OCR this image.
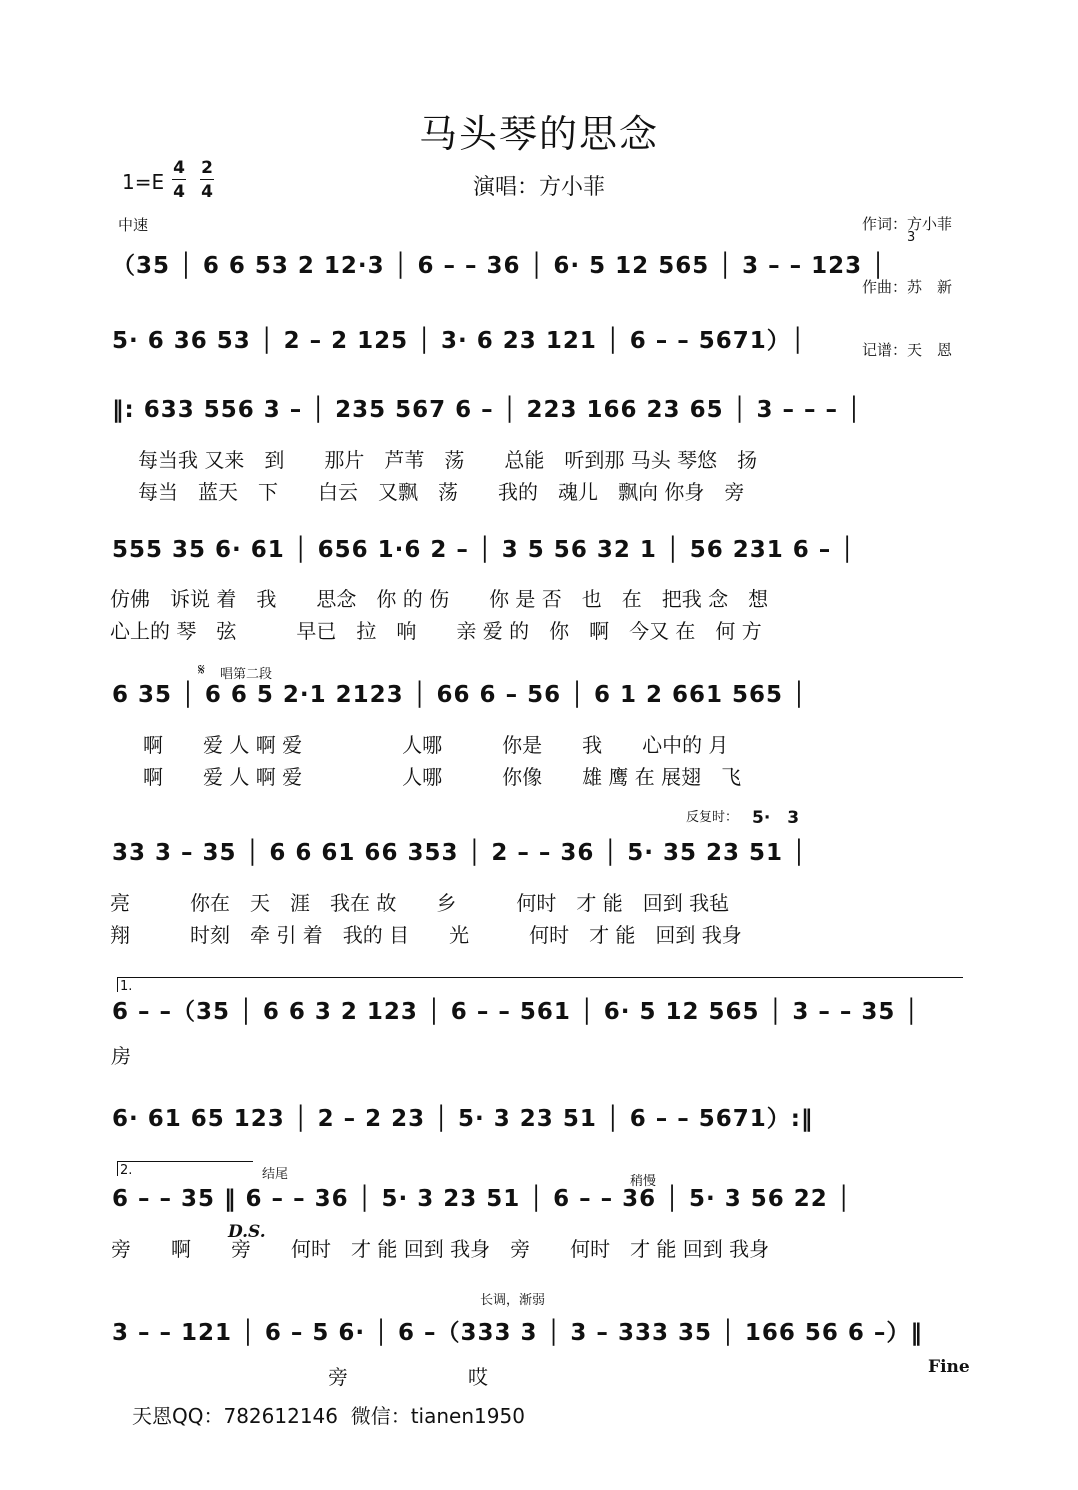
马头琴的思念
演唱：方小菲

作词：方小菲

作曲：苏　新

记谱：天　恩

1=E
4
4
2
4
中速
（35 │ 6 6 53 2 12·3 │ 6 – – 36 │ 6· 5 12 565 │ 3 – – 123 │
3
5· 6 36 53 │ 2 – 2 125 │ 3· 6 23 121 │ 6 – – 5671）│
‖: 633 556 3 – │ 235 567 6 – │ 223 166 23 65 │ 3 – – – │
每当我 又来　到　　那片　芦苇　荡　　总能　听到那 马头 琴悠　扬
每当　蓝天　下　　白云　又飘　荡　　我的　魂儿　飘向 你身　旁
555 35 6· 61 │ 656 1·6 2 – │ 3 5 56 32 1 │ 56 231 6 – │
仿佛　诉说 着　我　　思念　你 的 伤　　你 是 否　也　在　把我 念　想
心上的 琴　弦　　　早已　拉　响　　亲 爱 的　你　啊　今又 在　何 方
𝄋 唱第二段
6 35 │ 6 6 5 2·1 2123 │ 66 6 – 56 │ 6 1 2 661 565 │
啊　　爱 人 啊 爱　　　　　人哪　　　你是　　我　　心中的 月
啊　　爱 人 啊 爱　　　　　人哪　　　你像　　雄 鹰 在 展翅　飞
反复时： 5·　3
33 3 – 35 │ 6 6 61 66 353 │ 2 – – 36 │ 5· 35 23 51 │
亮　　　你在　天　涯　我在 故　　乡　　　何时　才 能　回到 我毡
翔　　　时刻　牵 引 着　我的 目　　光　　　何时　才 能　回到 我身
1.
6 – –（35 │ 6 6 3 2 123 │ 6 – – 561 │ 6· 5 12 565 │ 3 – – 35 │
房
6· 61 65 123 │ 2 – 2 23 │ 5· 3 23 51 │ 6 – – 5671）:‖
2.	结尾	稍慢
6 – – 35 ‖ 6 – – 36 │ 5· 3 23 51 │ 6 – – 36 │ 5· 3 56 22 │
D.S.
旁　　啊　　旁　　何时　才 能 回到 我身　旁　　何时　才 能 回到 我身
长调，渐弱
3 – – 121 │ 6 – 5 6· │ 6 –（333 3 │ 3 – 333 35 │ 166 56 6 –）‖
旁　　　　　　哎	Fine
天恩QQ：782612146  微信：tianen1950
